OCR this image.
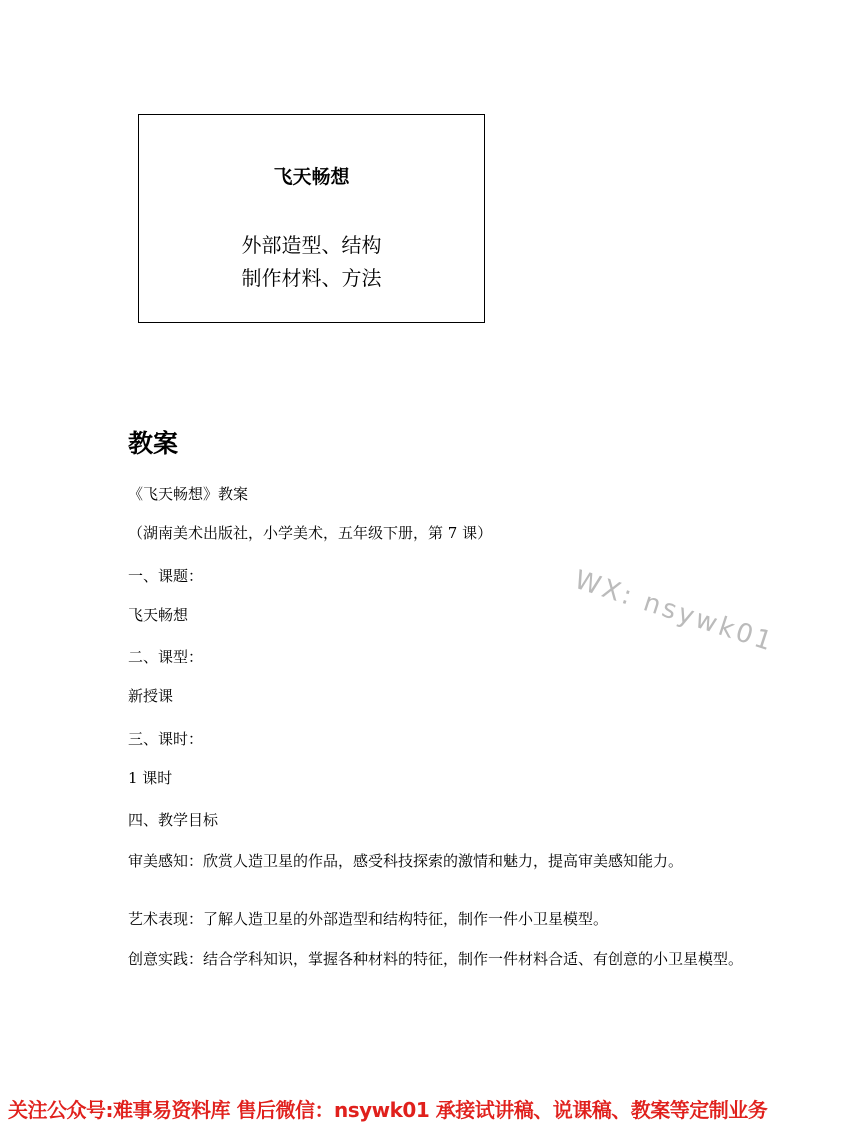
飞天畅想
外部造型、结构
制作材料、方法
教案
《飞天畅想》教案
（湖南美术出版社，小学美术，五年级下册，第 7 课）
一、课题：
飞天畅想
二、课型：
新授课
三、课时：
1 课时
四、教学目标
审美感知：欣赏人造卫星的作品，感受科技探索的激情和魅力，提高审美感知能力。
艺术表现：了解人造卫星的外部造型和结构特征，制作一件小卫星模型。
创意实践：结合学科知识，掌握各种材料的特征，制作一件材料合适、有创意的小卫星模型。
WX: nsywk01
关注公众号:难事易资料库 售后微信：nsywk01 承接试讲稿、说课稿、教案等定制业务
